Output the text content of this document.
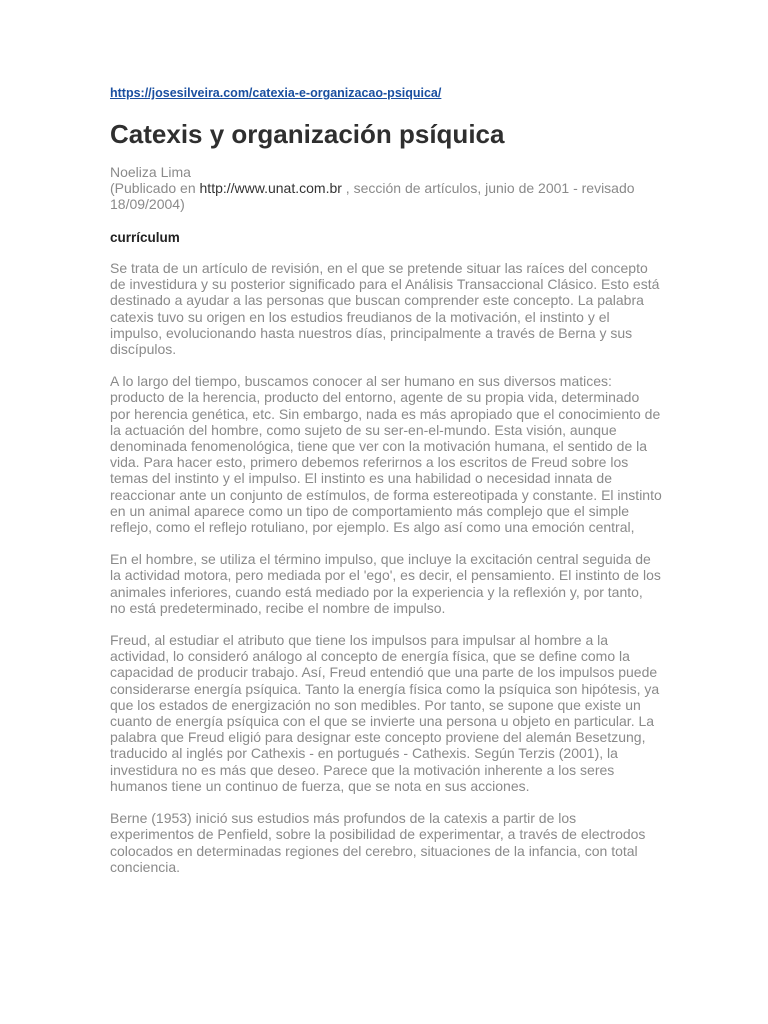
https://josesilveira.com/catexia-e-organizacao-psiquica/
Catexis y organización psíquica
Noeliza Lima
(Publicado en http://www.unat.com.br , sección de artículos, junio de 2001 - revisado 18/09/2004)
currículum

Se trata de un artículo de revisión, en el que se pretende situar las raíces del concepto de investidura y su posterior significado para el Análisis Transaccional Clásico. Esto está destinado a ayudar a las personas que buscan comprender este concepto. La palabra catexis tuvo su origen en los estudios freudianos de la motivación, el instinto y el impulso, evolucionando hasta nuestros días, principalmente a través de Berna y sus discípulos.

A lo largo del tiempo, buscamos conocer al ser humano en sus diversos matices: producto de la herencia, producto del entorno, agente de su propia vida, determinado por herencia genética, etc. Sin embargo, nada es más apropiado que el conocimiento de la actuación del hombre, como sujeto de su ser-en-el-mundo. Esta visión, aunque denominada fenomenológica, tiene que ver con la motivación humana, el sentido de la vida. Para hacer esto, primero debemos referirnos a los escritos de Freud sobre los temas del instinto y el impulso. El instinto es una habilidad o necesidad innata de reaccionar ante un conjunto de estímulos, de forma estereotipada y constante. El instinto en un animal aparece como un tipo de comportamiento más complejo que el simple reflejo, como el reflejo rotuliano, por ejemplo. Es algo así como una emoción central,

En el hombre, se utiliza el término impulso, que incluye la excitación central seguida de la actividad motora, pero mediada por el 'ego', es decir, el pensamiento. El instinto de los animales inferiores, cuando está mediado por la experiencia y la reflexión y, por tanto, no está predeterminado, recibe el nombre de impulso.

Freud, al estudiar el atributo que tiene los impulsos para impulsar al hombre a la actividad, lo consideró análogo al concepto de energía física, que se define como la capacidad de producir trabajo. Así, Freud entendió que una parte de los impulsos puede considerarse energía psíquica. Tanto la energía física como la psíquica son hipótesis, ya que los estados de energización no son medibles. Por tanto, se supone que existe un cuanto de energía psíquica con el que se invierte una persona u objeto en particular. La palabra que Freud eligió para designar este concepto proviene del alemán Besetzung, traducido al inglés por Cathexis - en portugués - Cathexis. Según Terzis (2001), la investidura no es más que deseo. Parece que la motivación inherente a los seres humanos tiene un continuo de fuerza, que se nota en sus acciones.

Berne (1953) inició sus estudios más profundos de la catexis a partir de los experimentos de Penfield, sobre la posibilidad de experimentar, a través de electrodos colocados en determinadas regiones del cerebro, situaciones de la infancia, con total conciencia.
